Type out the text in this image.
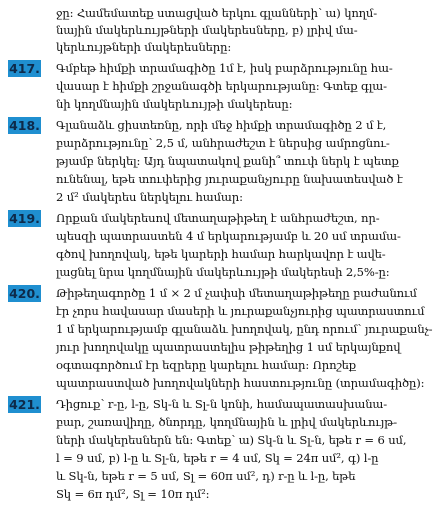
ջը: Համեմատեք ստացված երկու գլանների՝ ա) կողմ-
նային մակերևույթների մակերեսները, բ) լրիվ մա-
կերևույթների մակերեսները:
417. Գմբեթ հիմքի տրամագիծը 1մ է, իսկ բարձրությունը հա-
վասար է հիմքի շրջանագծի երկարությանը: Գտեք գլա-
նի կողմնային մակերևույթի մակերեսը:
418. Գլանաձև ցիստեռնը, որի մեջ հիմքի տրամագիծը 2 մ է,
բարձրությունը՝ 2,5 մ, անհրաժեշտ է ներսից ամրոցնու-
թյամբ ներկել: Այդ նպատակով քանի՞ տուփ ներկ է պետք
ունենալ, եթե տուփերից յուրաքանչյուրը նախատեսված է
2 մ² մակերես ներկելու համար:
419. Որքան մակերեսով մետաղաթիթեղ է անհրաժեշտ, որ-
պեսզի պատրաստեն 4 մ երկարությամբ և 20 սմ տրամա-
գծով խողովակ, եթե կարերի համար հարկավոր է ավե-
լացնել նրա կողմնային մակերևույթի մակերեսի 2,5%-ը:
420. Թիթեղագործը 1 մ × 2 մ չափսի մետաղաթիթեղը բաժանում
էր չորս հավասար մասերի և յուրաքանչյուրից պատրաստում
1 մ երկարությամբ գլանաձև խողովակ, ընդ որում՝ յուրաքանչ-
յուր խողովակը պատրաստելիս թիթեղից 1 սմ երկայնքով
օգտագործում էր եզրերը կարելու համար: Որոշեք
պատրաստված խողովակների հաստությունը (տրամագիծը):
421. Դիցուք՝ r-ը, l-ը, Sկ-ն և Sլ-ն կոնի, համապատասխանա-
բար, շառավիղը, ծնորդը, կողմնային և լրիվ մակերևույթ-
ների մակերեսներն են: Գտեք՝ ա) Sկ-ն և Sլ-ն, եթե r = 6 սմ,
l = 9 սմ, բ) l-ը և Sլ-ն, եթե r = 4 սմ, Sկ = 24π սմ², գ) l-ը
և Sկ-ն, եթե r = 5 սմ, Sլ = 60π սմ², դ) r-ը և l-ը, եթե
Sկ = 6π դմ², Sլ = 10π դմ²:
